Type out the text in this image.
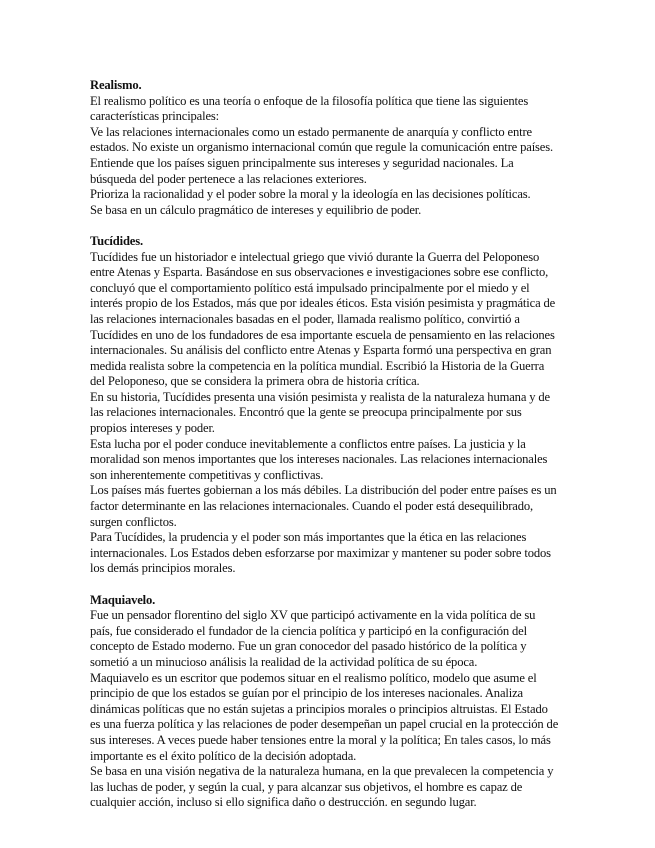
Realismo.

El realismo político es una teoría o enfoque de la filosofía política que tiene las siguientes características principales:

Ve las relaciones internacionales como un estado permanente de anarquía y conflicto entre estados. No existe un organismo internacional común que regule la comunicación entre países. Entiende que los países siguen principalmente sus intereses y seguridad nacionales. La búsqueda del poder pertenece a las relaciones exteriores.

Prioriza la racionalidad y el poder sobre la moral y la ideología en las decisiones políticas.

Se basa en un cálculo pragmático de intereses y equilibrio de poder.

Tucídides.

Tucídides fue un historiador e intelectual griego que vivió durante la Guerra del Peloponeso entre Atenas y Esparta. Basándose en sus observaciones e investigaciones sobre ese conflicto, concluyó que el comportamiento político está impulsado principalmente por el miedo y el interés propio de los Estados, más que por ideales éticos. Esta visión pesimista y pragmática de las relaciones internacionales basadas en el poder, llamada realismo político, convirtió a Tucídides en uno de los fundadores de esa importante escuela de pensamiento en las relaciones internacionales. Su análisis del conflicto entre Atenas y Esparta formó una perspectiva en gran medida realista sobre la competencia en la política mundial. Escribió la Historia de la Guerra del Peloponeso, que se considera la primera obra de historia crítica.

En su historia, Tucídides presenta una visión pesimista y realista de la naturaleza humana y de las relaciones internacionales. Encontró que la gente se preocupa principalmente por sus propios intereses y poder.

Esta lucha por el poder conduce inevitablemente a conflictos entre países. La justicia y la moralidad son menos importantes que los intereses nacionales. Las relaciones internacionales son inherentemente competitivas y conflictivas.

Los países más fuertes gobiernan a los más débiles. La distribución del poder entre países es un factor determinante en las relaciones internacionales. Cuando el poder está desequilibrado, surgen conflictos.

Para Tucídides, la prudencia y el poder son más importantes que la ética en las relaciones internacionales. Los Estados deben esforzarse por maximizar y mantener su poder sobre todos los demás principios morales.

Maquiavelo.

Fue un pensador florentino del siglo XV que participó activamente en la vida política de su país, fue considerado el fundador de la ciencia política y participó en la configuración del concepto de Estado moderno. Fue un gran conocedor del pasado histórico de la política y sometió a un minucioso análisis la realidad de la actividad política de su época.

Maquiavelo es un escritor que podemos situar en el realismo político, modelo que asume el principio de que los estados se guían por el principio de los intereses nacionales. Analiza dinámicas políticas que no están sujetas a principios morales o principios altruistas. El Estado es una fuerza política y las relaciones de poder desempeñan un papel crucial en la protección de sus intereses. A veces puede haber tensiones entre la moral y la política; En tales casos, lo más importante es el éxito político de la decisión adoptada.

Se basa en una visión negativa de la naturaleza humana, en la que prevalecen la competencia y las luchas de poder, y según la cual, y para alcanzar sus objetivos, el hombre es capaz de cualquier acción, incluso si ello significa daño o destrucción. en segundo lugar.
